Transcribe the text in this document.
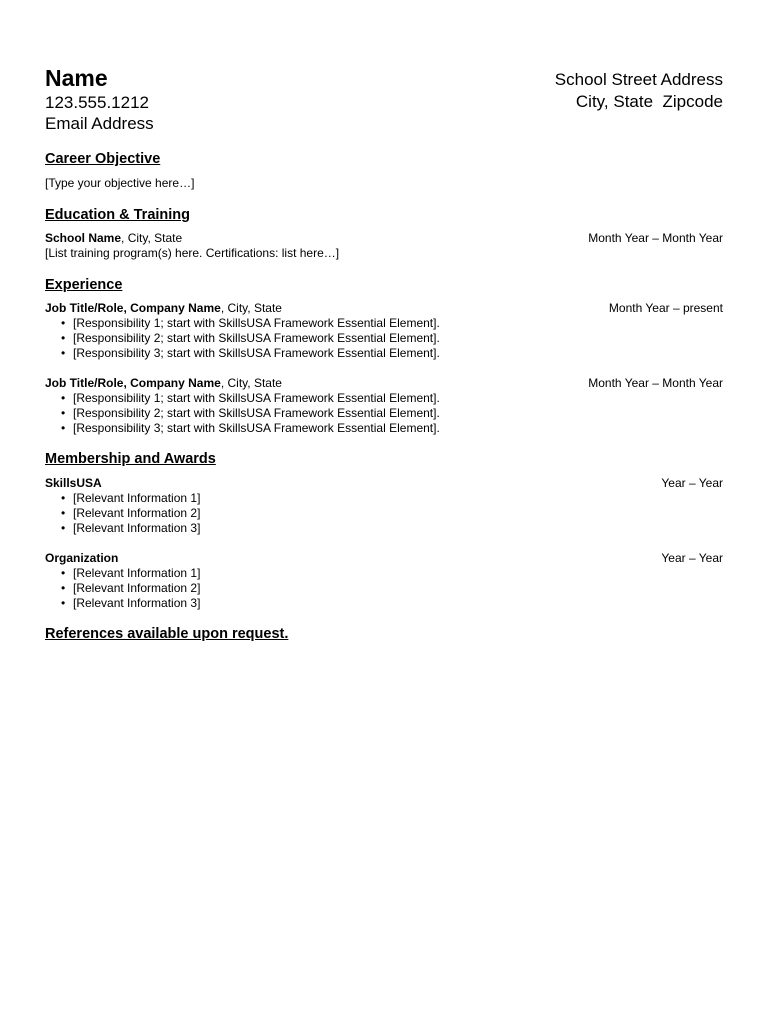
Name
123.555.1212
Email Address
School Street Address
City, State  Zipcode
Career Objective
[Type your objective here…]
Education & Training
School Name, City, State	Month Year – Month Year
[List training program(s) here. Certifications: list here…]
Experience
Job Title/Role, Company Name, City, State	Month Year – present
• [Responsibility 1; start with SkillsUSA Framework Essential Element].
• [Responsibility 2; start with SkillsUSA Framework Essential Element].
• [Responsibility 3; start with SkillsUSA Framework Essential Element].
Job Title/Role, Company Name, City, State	Month Year – Month Year
• [Responsibility 1; start with SkillsUSA Framework Essential Element].
• [Responsibility 2; start with SkillsUSA Framework Essential Element].
• [Responsibility 3; start with SkillsUSA Framework Essential Element].
Membership and Awards
SkillsUSA	Year – Year
• [Relevant Information 1]
• [Relevant Information 2]
• [Relevant Information 3]
Organization	Year – Year
• [Relevant Information 1]
• [Relevant Information 2]
• [Relevant Information 3]
References available upon request.
